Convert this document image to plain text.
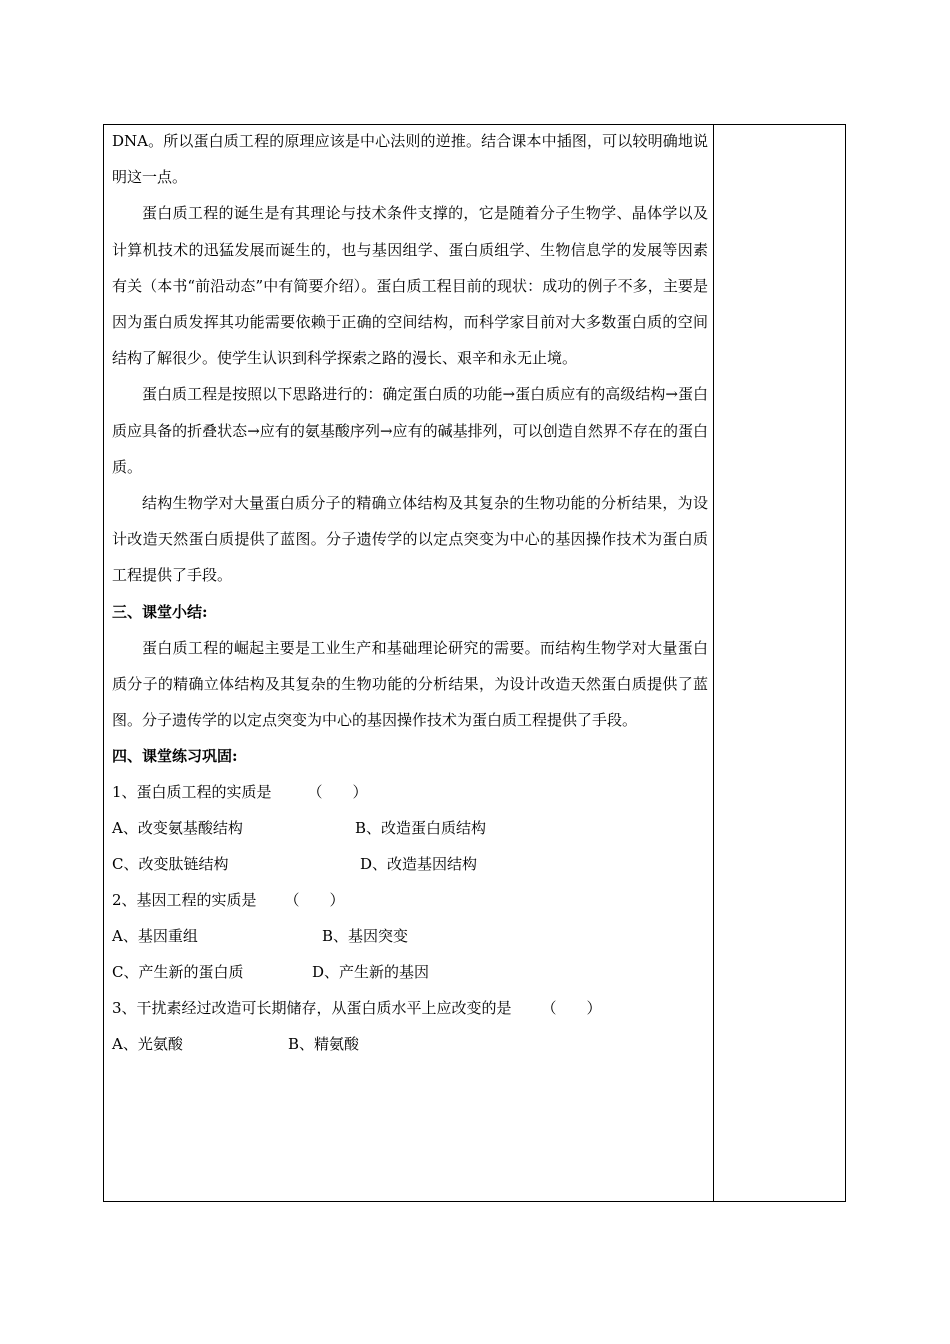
DNA。所以蛋白质工程的原理应该是中心法则的逆推。结合课本中插图，可以较明确地说明这一点。

蛋白质工程的诞生是有其理论与技术条件支撑的，它是随着分子生物学、晶体学以及计算机技术的迅猛发展而诞生的，也与基因组学、蛋白质组学、生物信息学的发展等因素有关（本书“前沿动态”中有简要介绍）。蛋白质工程目前的现状：成功的例子不多，主要是因为蛋白质发挥其功能需要依赖于正确的空间结构，而科学家目前对大多数蛋白质的空间结构了解很少。使学生认识到科学探索之路的漫长、艰辛和永无止境。

蛋白质工程是按照以下思路进行的：确定蛋白质的功能→蛋白质应有的高级结构→蛋白质应具备的折叠状态→应有的氨基酸序列→应有的碱基排列，可以创造自然界不存在的蛋白质。

结构生物学对大量蛋白质分子的精确立体结构及其复杂的生物功能的分析结果，为设计改造天然蛋白质提供了蓝图。分子遗传学的以定点突变为中心的基因操作技术为蛋白质工程提供了手段。

三、课堂小结:

蛋白质工程的崛起主要是工业生产和基础理论研究的需要。而结构生物学对大量蛋白质分子的精确立体结构及其复杂的生物功能的分析结果，为设计改造天然蛋白质提供了蓝图。分子遗传学的以定点突变为中心的基因操作技术为蛋白质工程提供了手段。

四、课堂练习巩固:

1、蛋白质工程的实质是 （　　）

A、改变氨基酸结构	B、改造蛋白质结构

C、改变肽链结构	D、改造基因结构

2、基因工程的实质是 （　　）

A、基因重组	B、基因突变

C、产生新的蛋白质	D、产生新的基因

3、干扰素经过改造可长期储存，从蛋白质水平上应改变的是 （　　）

A、光氨酸	B、精氨酸
